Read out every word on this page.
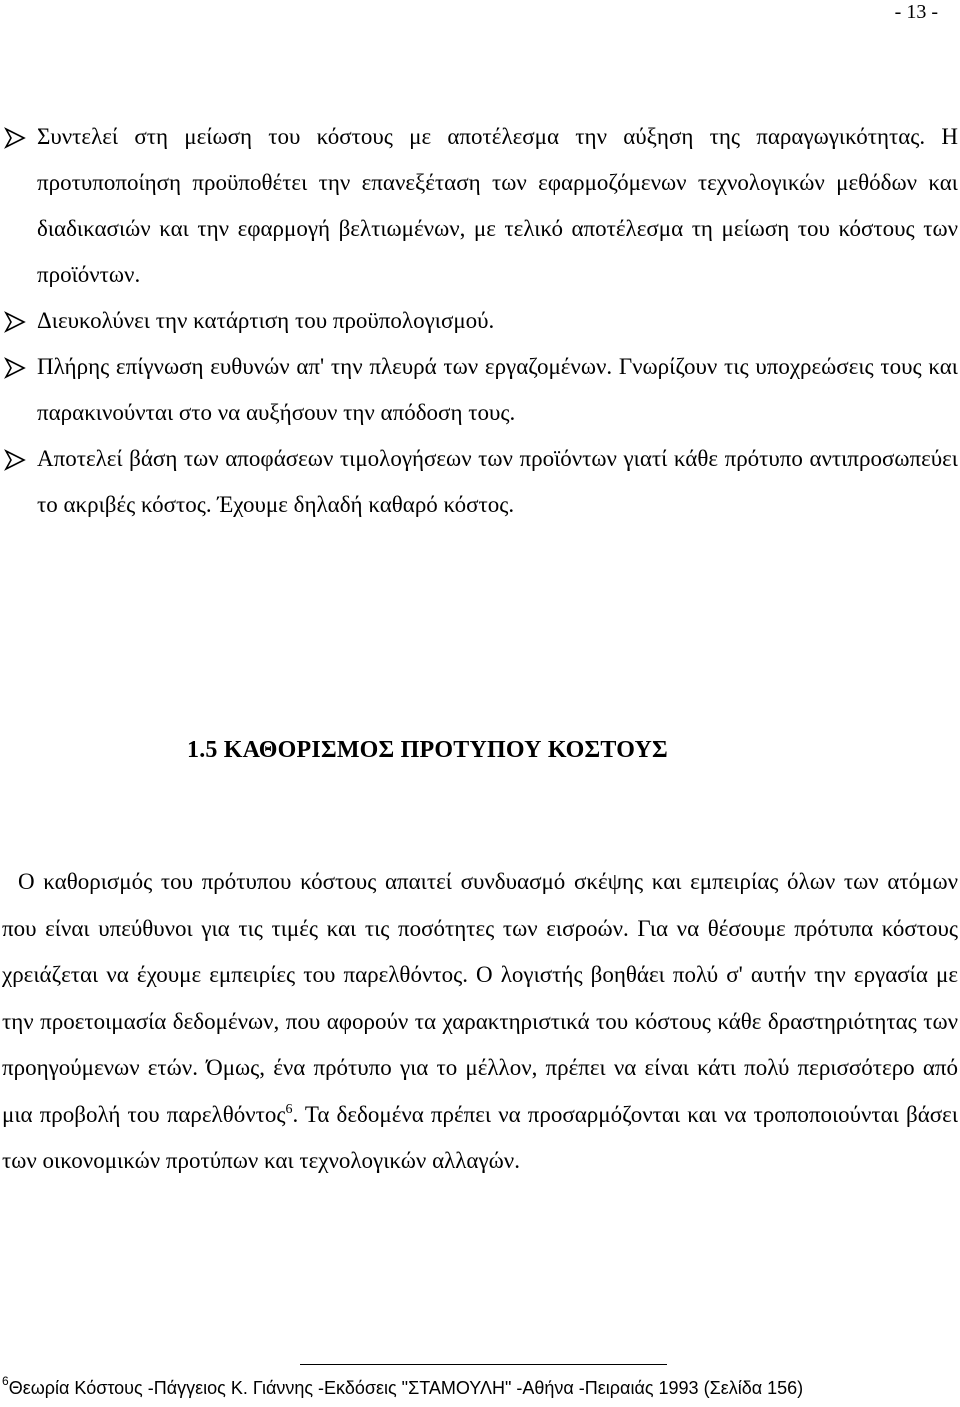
- 13 -
Συντελεί στη μείωση του κόστους με αποτέλεσμα την αύξηση της παραγωγικότητας. Η προτυποποίηση προϋποθέτει την επανεξέταση των εφαρμοζόμενων τεχνολογικών μεθόδων και διαδικασιών και την εφαρμογή βελτιωμένων, με τελικό αποτέλεσμα τη μείωση του κόστους των προϊόντων.
Διευκολύνει την κατάρτιση του προϋπολογισμού.
Πλήρης επίγνωση ευθυνών απ' την πλευρά των εργαζομένων. Γνωρίζουν τις υποχρεώσεις τους και παρακινούνται στο να αυξήσουν την απόδοση τους.
Αποτελεί βάση των αποφάσεων τιμολογήσεων των προϊόντων γιατί κάθε πρότυπο αντιπροσωπεύει το ακριβές κόστος. Έχουμε δηλαδή καθαρό κόστος.
1.5 ΚΑΘΟΡΙΣΜΟΣ ΠΡΟΤΥΠΟΥ ΚΟΣΤΟΥΣ
Ο καθορισμός του πρότυπου κόστους απαιτεί συνδυασμό σκέψης και εμπειρίας όλων των ατόμων που είναι υπεύθυνοι για τις τιμές και τις ποσότητες των εισροών. Για να θέσουμε πρότυπα κόστους χρειάζεται να έχουμε εμπειρίες του παρελθόντος. Ο λογιστής βοηθάει πολύ σ' αυτήν την εργασία με την προετοιμασία δεδομένων, που αφορούν τα χαρακτηριστικά του κόστους κάθε δραστηριότητας των προηγούμενων ετών. Όμως, ένα πρότυπο για το μέλλον, πρέπει να είναι κάτι πολύ περισσότερο από μια προβολή του παρελθόντος$^6$. Τα δεδομένα πρέπει να προσαρμόζονται και να τροποποιούνται βάσει των οικονομικών προτύπων και τεχνολογικών αλλαγών.
$^6$Θεωρία Κόστους -Πάγγειος Κ. Γιάννης -Εκδόσεις "ΣΤΑΜΟΥΛΗ" -Αθήνα -Πειραιάς 1993 (Σελίδα 156)
